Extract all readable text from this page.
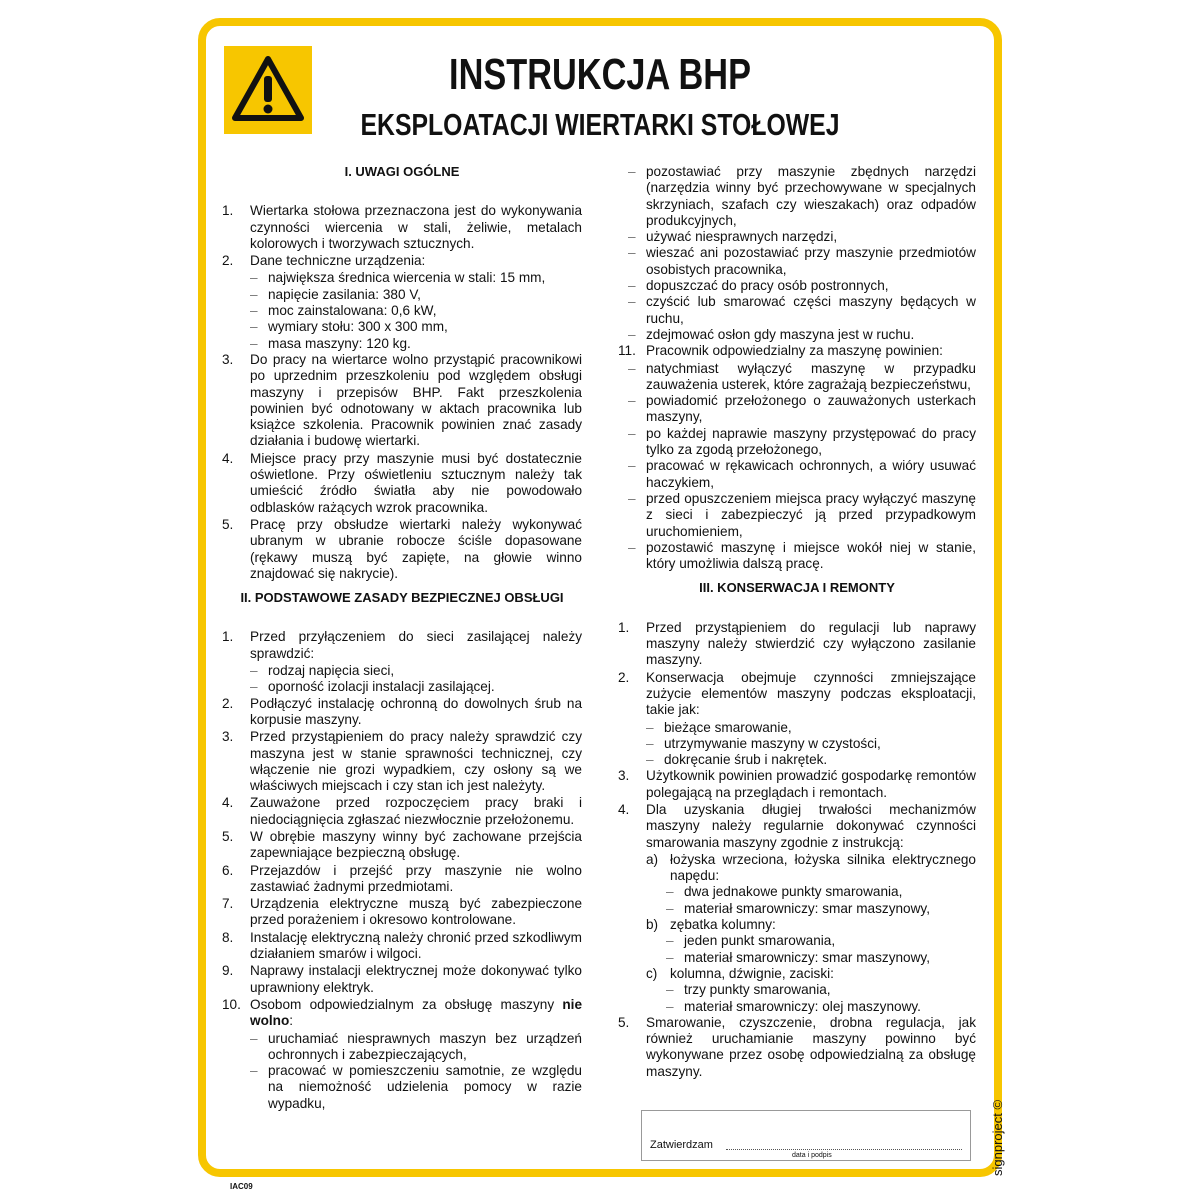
INSTRUKCJA BHP
EKSPLOATACJI WIERTARKI STOŁOWEJ
I. UWAGI OGÓLNE
1. Wiertarka stołowa przeznaczona jest do wykonywania czynności wiercenia w stali, żeliwie, metalach kolorowych i tworzywach sztucznych.
2. Dane techniczne urządzenia:
– największa średnica wiercenia w stali: 15 mm,
– napięcie zasilania: 380 V,
– moc zainstalowana: 0,6 kW,
– wymiary stołu: 300 x 300 mm,
– masa maszyny: 120 kg.
3. Do pracy na wiertarce wolno przystąpić pracownikowi po uprzednim przeszkoleniu pod względem obsługi maszyny i przepisów BHP. Fakt przeszkolenia powinien być odnotowany w aktach pracownika lub książce szkolenia. Pracownik powinien znać zasady działania i budowę wiertarki.
4. Miejsce pracy przy maszynie musi być dostatecznie oświetlone. Przy oświetleniu sztucznym należy tak umieścić źródło światła aby nie powodowało odblasków rażących wzrok pracownika.
5. Pracę przy obsłudze wiertarki należy wykonywać ubranym w ubranie robocze ściśle dopasowane (rękawy muszą być zapięte, na głowie winno znajdować się nakrycie).
II. PODSTAWOWE ZASADY BEZPIECZNEJ OBSŁUGI
1. Przed przyłączeniem do sieci zasilającej należy sprawdzić:
– rodzaj napięcia sieci,
– oporność izolacji instalacji zasilającej.
2. Podłączyć instalację ochronną do dowolnych śrub na korpusie maszyny.
3. Przed przystąpieniem do pracy należy sprawdzić czy maszyna jest w stanie sprawności technicznej, czy włączenie nie grozi wypadkiem, czy osłony są we właściwych miejscach i czy stan ich jest należyty.
4. Zauważone przed rozpoczęciem pracy braki i niedociągnięcia zgłaszać niezwłocznie przełożonemu.
5. W obrębie maszyny winny być zachowane przejścia zapewniające bezpieczną obsługę.
6. Przejazdów i przejść przy maszynie nie wolno zastawiać żadnymi przedmiotami.
7. Urządzenia elektryczne muszą być zabezpieczone przed porażeniem i okresowo kontrolowane.
8. Instalację elektryczną należy chronić przed szkodliwym działaniem smarów i wilgoci.
9. Naprawy instalacji elektrycznej może dokonywać tylko uprawniony elektryk.
10. Osobom odpowiedzialnym za obsługę maszyny nie wolno:
– uruchamiać niesprawnych maszyn bez urządzeń ochronnych i zabezpieczających,
– pracować w pomieszczeniu samotnie, ze względu na niemożność udzielenia pomocy w razie wypadku,
– pozostawiać przy maszynie zbędnych narzędzi (narzędzia winny być przechowywane w specjalnych skrzyniach, szafach czy wieszakach) oraz odpadów produkcyjnych,
– używać niesprawnych narzędzi,
– wieszać ani pozostawiać przy maszynie przedmiotów osobistych pracownika,
– dopuszczać do pracy osób postronnych,
– czyścić lub smarować części maszyny będących w ruchu,
– zdejmować osłon gdy maszyna jest w ruchu.
11. Pracownik odpowiedzialny za maszynę powinien:
– natychmiast wyłączyć maszynę w przypadku zauważenia usterek, które zagrażają bezpieczeństwu,
– powiadomić przełożonego o zauważonych usterkach maszyny,
– po każdej naprawie maszyny przystępować do pracy tylko za zgodą przełożonego,
– pracować w rękawicach ochronnych, a wióry usuwać haczykiem,
– przed opuszczeniem miejsca pracy wyłączyć maszynę z sieci i zabezpieczyć ją przed przypadkowym uruchomieniem,
– pozostawić maszynę i miejsce wokół niej w stanie, który umożliwia dalszą pracę.
III. KONSERWACJA I REMONTY
1. Przed przystąpieniem do regulacji lub naprawy maszyny należy stwierdzić czy wyłączono zasilanie maszyny.
2. Konserwacja obejmuje czynności zmniejszające zużycie elementów maszyny podczas eksploatacji, takie jak:
– bieżące smarowanie,
– utrzymywanie maszyny w czystości,
– dokręcanie śrub i nakrętek.
3. Użytkownik powinien prowadzić gospodarkę remontów polegającą na przeglądach i remontach.
4. Dla uzyskania długiej trwałości mechanizmów maszyny należy regularnie dokonywać czynności smarowania maszyny zgodnie z instrukcją:
a) łożyska wrzeciona, łożyska silnika elektrycznego napędu:
– dwa jednakowe punkty smarowania,
– materiał smarowniczy: smar maszynowy,
b) zębatka kolumny:
– jeden punkt smarowania,
– materiał smarowniczy: smar maszynowy,
c) kolumna, dźwignie, zaciski:
– trzy punkty smarowania,
– materiał smarowniczy: olej maszynowy.
5. Smarowanie, czyszczenie, drobna regulacja, jak również uruchamianie maszyny powinno być wykonywane przez osobę odpowiedzialną za obsługę maszyny.
Zatwierdzam
data i podpis	signproject ©
IAC09
